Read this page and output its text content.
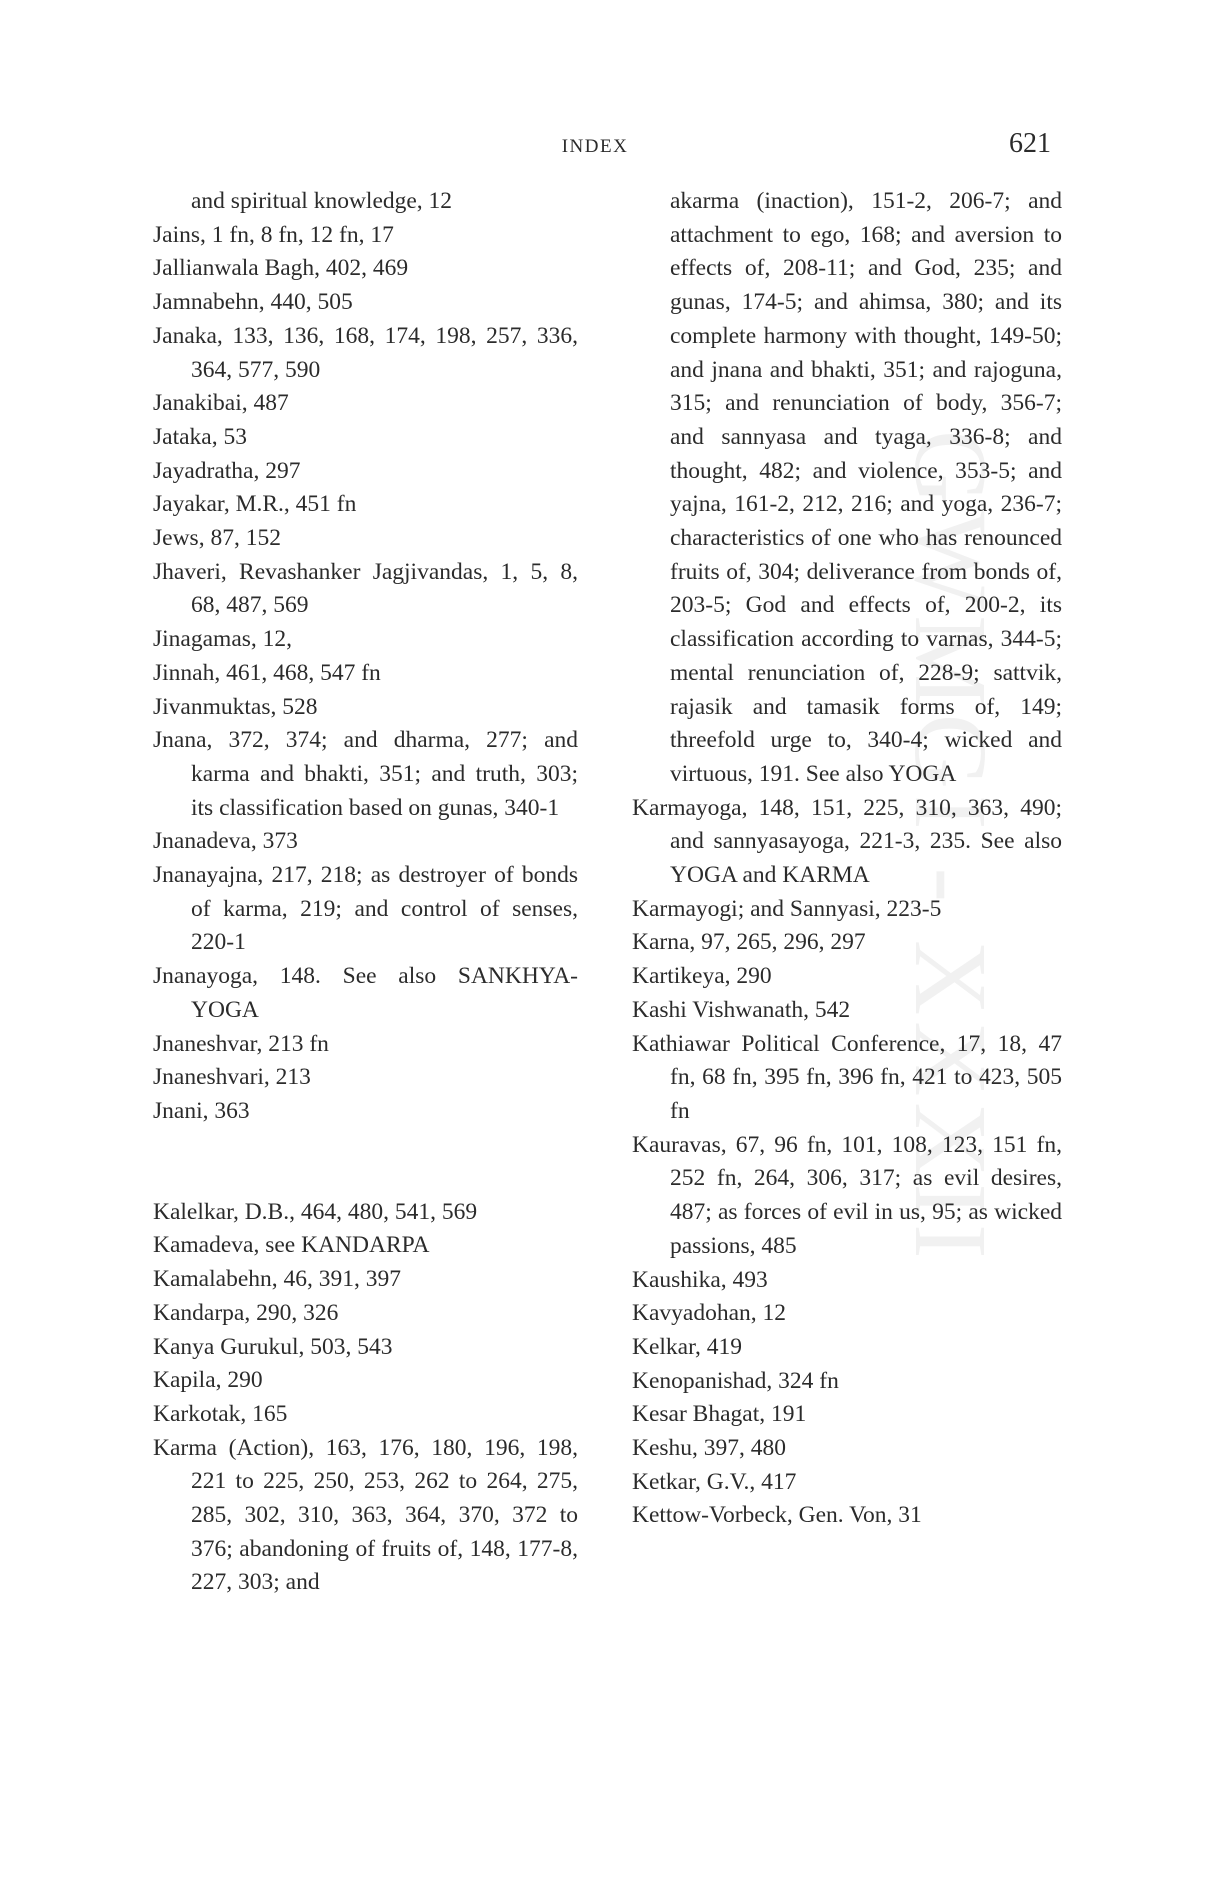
INDEX	621
GWMGI - XXXII
and spiritual knowledge, 12
Jains, 1 fn, 8 fn, 12 fn, 17
Jallianwala Bagh, 402, 469
Jamnabehn, 440, 505
Janaka, 133, 136, 168, 174, 198, 257, 336, 364, 577, 590
Janakibai, 487
Jataka, 53
Jayadratha, 297
Jayakar, M.R., 451 fn
Jews, 87, 152
Jhaveri, Revashanker Jagjivandas, 1, 5, 8, 68, 487, 569
Jinagamas, 12,
Jinnah, 461, 468, 547 fn
Jivanmuktas, 528
Jnana, 372, 374; and dharma, 277; and karma and bhakti, 351; and truth, 303; its classification based on gunas, 340-1
Jnanadeva, 373
Jnanayajna, 217, 218; as destroyer of bonds of karma, 219; and control of senses, 220-1
Jnanayoga, 148. See also SANKHYA-YOGA
Jnaneshvar, 213 fn
Jnaneshvari, 213
Jnani, 363
Kalelkar, D.B., 464, 480, 541, 569
Kamadeva, see KANDARPA
Kamalabehn, 46, 391, 397
Kandarpa, 290, 326
Kanya Gurukul, 503, 543
Kapila, 290
Karkotak, 165
Karma (Action), 163, 176, 180, 196, 198, 221 to 225, 250, 253, 262 to 264, 275, 285, 302, 310, 363, 364, 370, 372 to 376; abandoning of fruits of, 148, 177-8, 227, 303; and
akarma (inaction), 151-2, 206-7; and attachment to ego, 168; and aversion to effects of, 208-11; and God, 235; and gunas, 174-5; and ahimsa, 380; and its complete harmony with thought, 149-50; and jnana and bhakti, 351; and rajoguna, 315; and renunciation of body, 356-7; and sannyasa and tyaga, 336-8; and thought, 482; and violence, 353-5; and yajna, 161-2, 212, 216; and yoga, 236-7; characteristics of one who has renounced fruits of, 304; deliverance from bonds of, 203-5; God and effects of, 200-2, its classification according to varnas, 344-5; mental renunciation of, 228-9; sattvik, rajasik and tamasik forms of, 149; threefold urge to, 340-4; wicked and virtuous, 191. See also YOGA
Karmayoga, 148, 151, 225, 310, 363, 490; and sannyasayoga, 221-3, 235. See also YOGA and KARMA
Karmayogi; and Sannyasi, 223-5
Karna, 97, 265, 296, 297
Kartikeya, 290
Kashi Vishwanath, 542
Kathiawar Political Conference, 17, 18, 47 fn, 68 fn, 395 fn, 396 fn, 421 to 423, 505 fn
Kauravas, 67, 96 fn, 101, 108, 123, 151 fn, 252 fn, 264, 306, 317; as evil desires, 487; as forces of evil in us, 95; as wicked passions, 485
Kaushika, 493
Kavyadohan, 12
Kelkar, 419
Kenopanishad, 324 fn
Kesar Bhagat, 191
Keshu, 397, 480
Ketkar, G.V., 417
Kettow-Vorbeck, Gen. Von, 31
